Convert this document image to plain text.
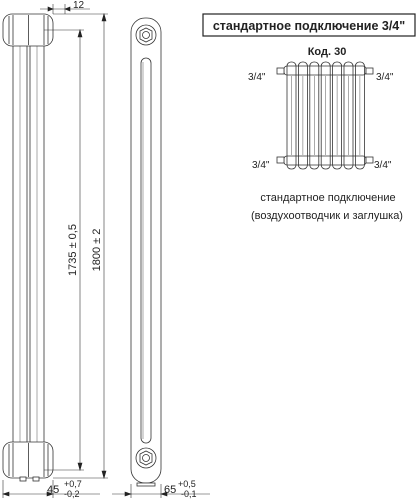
12
1735 ± 0,5 1800 ± 2
45 +0,7
-0,2	65 +0,5
-0,1
стандартное подключение 3/4"
Код. 30
3/4"	3/4"
3/4"	3/4"
стандартное подключение
(воздухоотводчик и заглушка)
